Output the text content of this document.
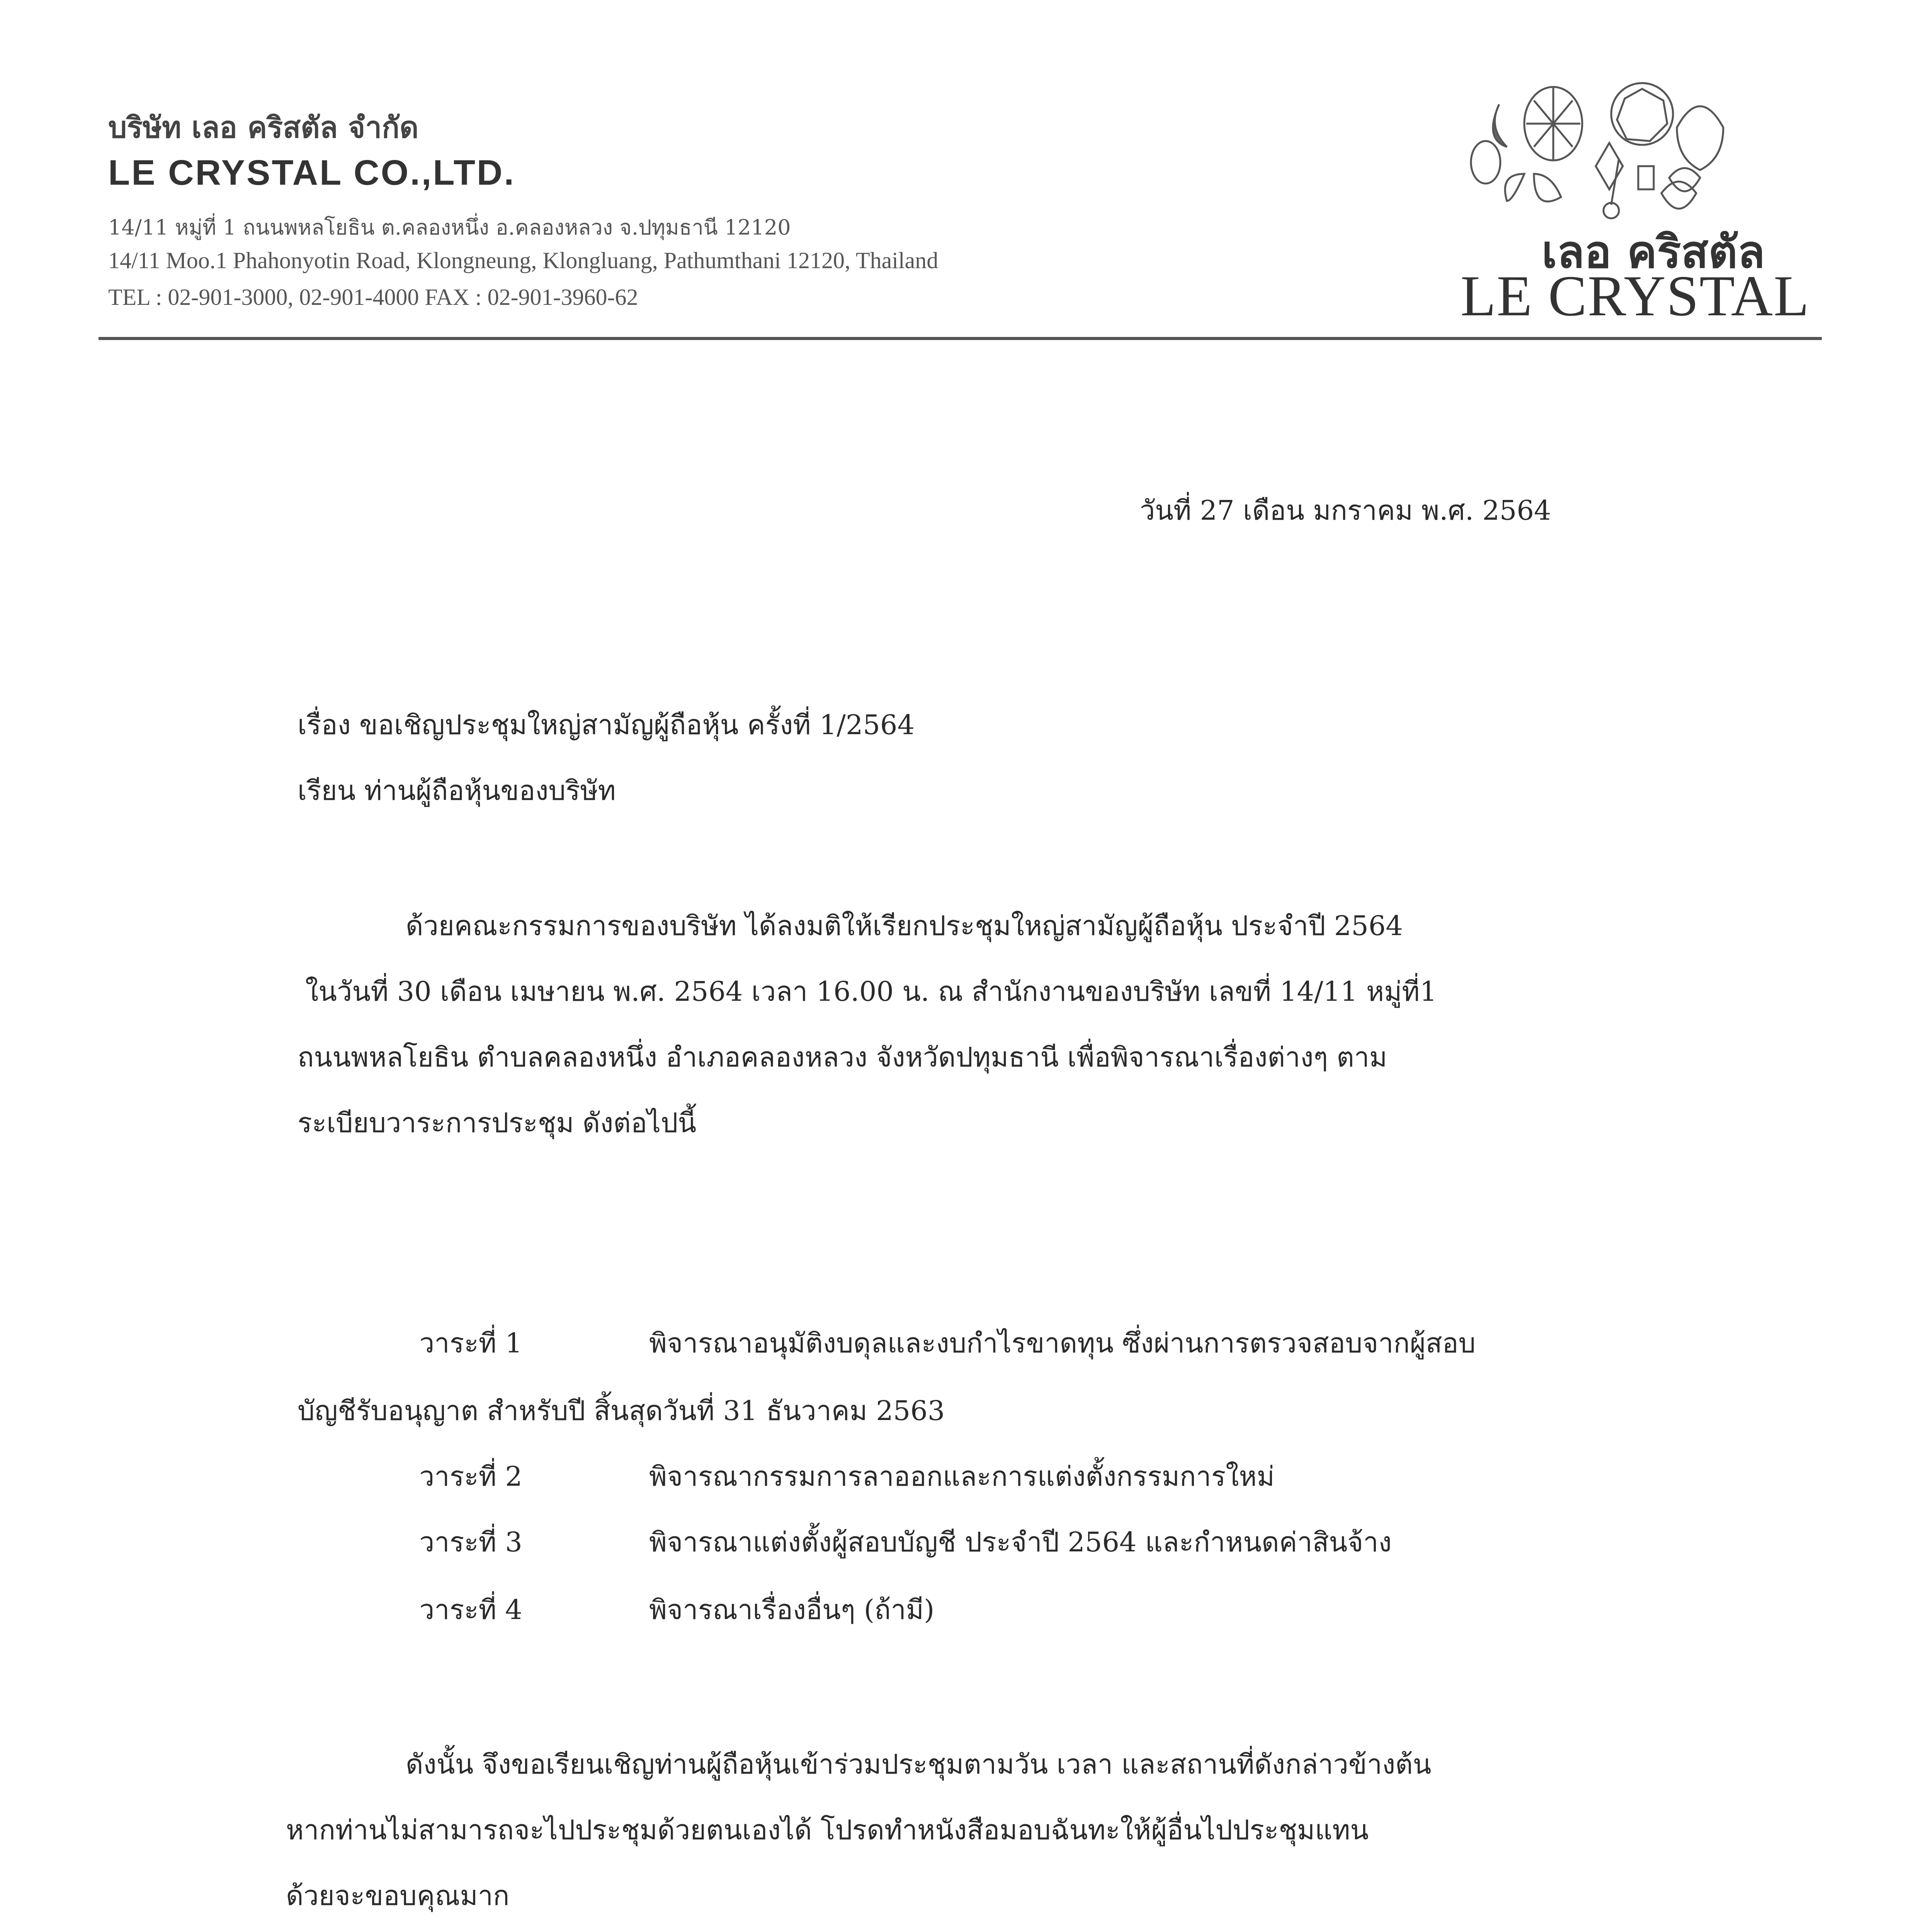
บริษัท เลอ คริสตัล จำกัด
LE CRYSTAL CO.,LTD.
14/11 หมู่ที่ 1 ถนนพหลโยธิน ต.คลองหนึ่ง อ.คลองหลวง จ.ปทุมธานี 12120
14/11 Moo.1 Phahonyotin Road, Klongneung, Klongluang, Pathumthani 12120, Thailand
TEL : 02-901-3000, 02-901-4000 FAX : 02-901-3960-62
เลอ คริสตัล
LE CRYSTAL
วันที่ 27 เดือน มกราคม พ.ศ. 2564
เรื่อง ขอเชิญประชุมใหญ่สามัญผู้ถือหุ้น ครั้งที่ 1/2564
เรียน ท่านผู้ถือหุ้นของบริษัท
ด้วยคณะกรรมการของบริษัท ได้ลงมติให้เรียกประชุมใหญ่สามัญผู้ถือหุ้น ประจำปี 2564
ในวันที่ 30 เดือน เมษายน พ.ศ. 2564 เวลา 16.00 น. ณ สำนักงานของบริษัท เลขที่ 14/11 หมู่ที่1
ถนนพหลโยธิน ตำบลคลองหนึ่ง อำเภอคลองหลวง จังหวัดปทุมธานี เพื่อพิจารณาเรื่องต่างๆ ตาม
ระเบียบวาระการประชุม ดังต่อไปนี้
วาระที่ 1	พิจารณาอนุมัติงบดุลและงบกำไรขาดทุน ซึ่งผ่านการตรวจสอบจากผู้สอบ
บัญชีรับอนุญาต สำหรับปี สิ้นสุดวันที่ 31 ธันวาคม 2563
วาระที่ 2	พิจารณากรรมการลาออกและการแต่งตั้งกรรมการใหม่
วาระที่ 3	พิจารณาแต่งตั้งผู้สอบบัญชี ประจำปี 2564 และกำหนดค่าสินจ้าง
วาระที่ 4	พิจารณาเรื่องอื่นๆ (ถ้ามี)
ดังนั้น จึงขอเรียนเชิญท่านผู้ถือหุ้นเข้าร่วมประชุมตามวัน เวลา และสถานที่ดังกล่าวข้างต้น
หากท่านไม่สามารถจะไปประชุมด้วยตนเองได้ โปรดทำหนังสือมอบฉันทะให้ผู้อื่นไปประชุมแทน
ด้วยจะขอบคุณมาก
